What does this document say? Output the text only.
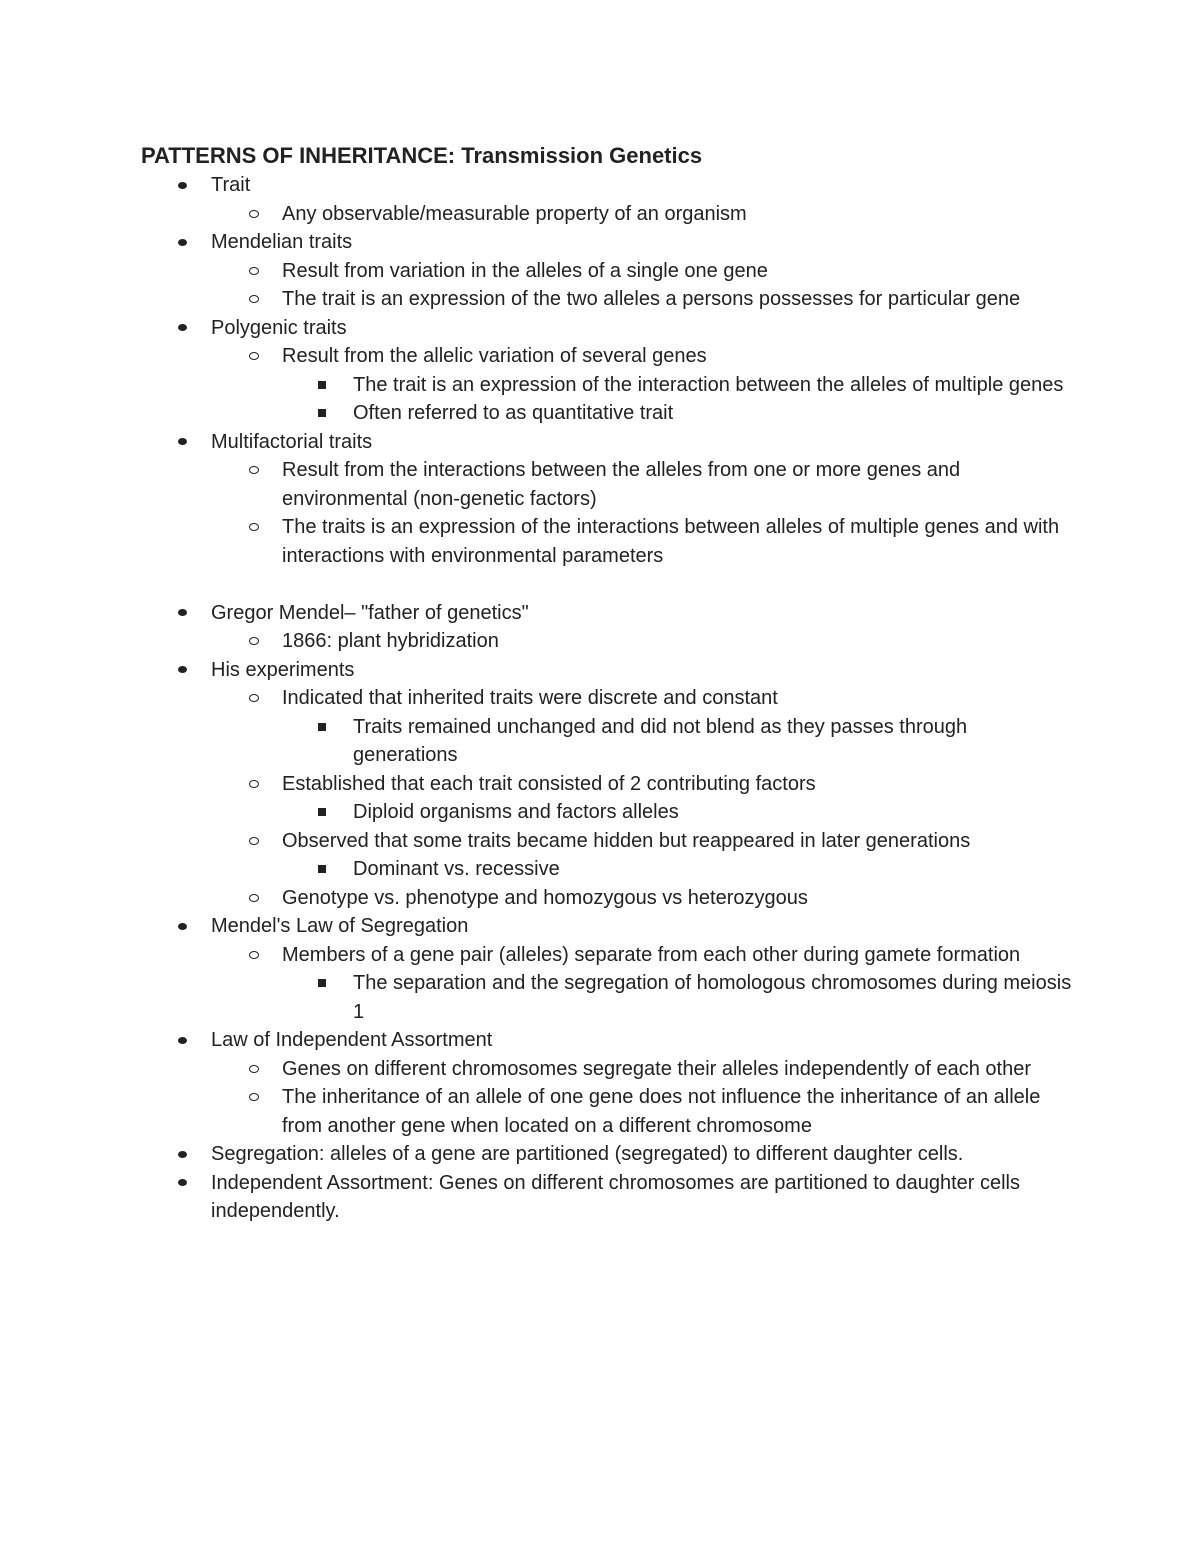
PATTERNS OF INHERITANCE: Transmission Genetics
Trait
Any observable/measurable property of an organism
Mendelian traits
Result from variation in the alleles of a single one gene
The trait is an expression of the two alleles a persons possesses for particular gene
Polygenic traits
Result from the allelic variation of several genes
The trait is an expression of the interaction between the alleles of multiple genes
Often referred to as quantitative trait
Multifactorial traits
Result from the interactions between the alleles from one or more genes and environmental (non-genetic factors)
The traits is an expression of the interactions between alleles of multiple genes and with interactions with environmental parameters
Gregor Mendel– "father of genetics"
1866: plant hybridization
His experiments
Indicated that inherited traits were discrete and constant
Traits remained unchanged and did not blend as they passes through generations
Established that each trait consisted of 2 contributing factors
Diploid organisms and factors alleles
Observed that some traits became hidden but reappeared in later generations
Dominant vs. recessive
Genotype vs. phenotype and homozygous vs heterozygous
Mendel's Law of Segregation
Members of a gene pair (alleles) separate from each other during gamete formation
The separation and the segregation of homologous chromosomes during meiosis 1
Law of Independent Assortment
Genes on different chromosomes segregate their alleles independently of each other
The inheritance of an allele of one gene does not influence the inheritance of an allele from another gene when located on a different chromosome
Segregation: alleles of a gene are partitioned (segregated) to different daughter cells.
Independent Assortment: Genes on different chromosomes are partitioned to daughter cells independently.
